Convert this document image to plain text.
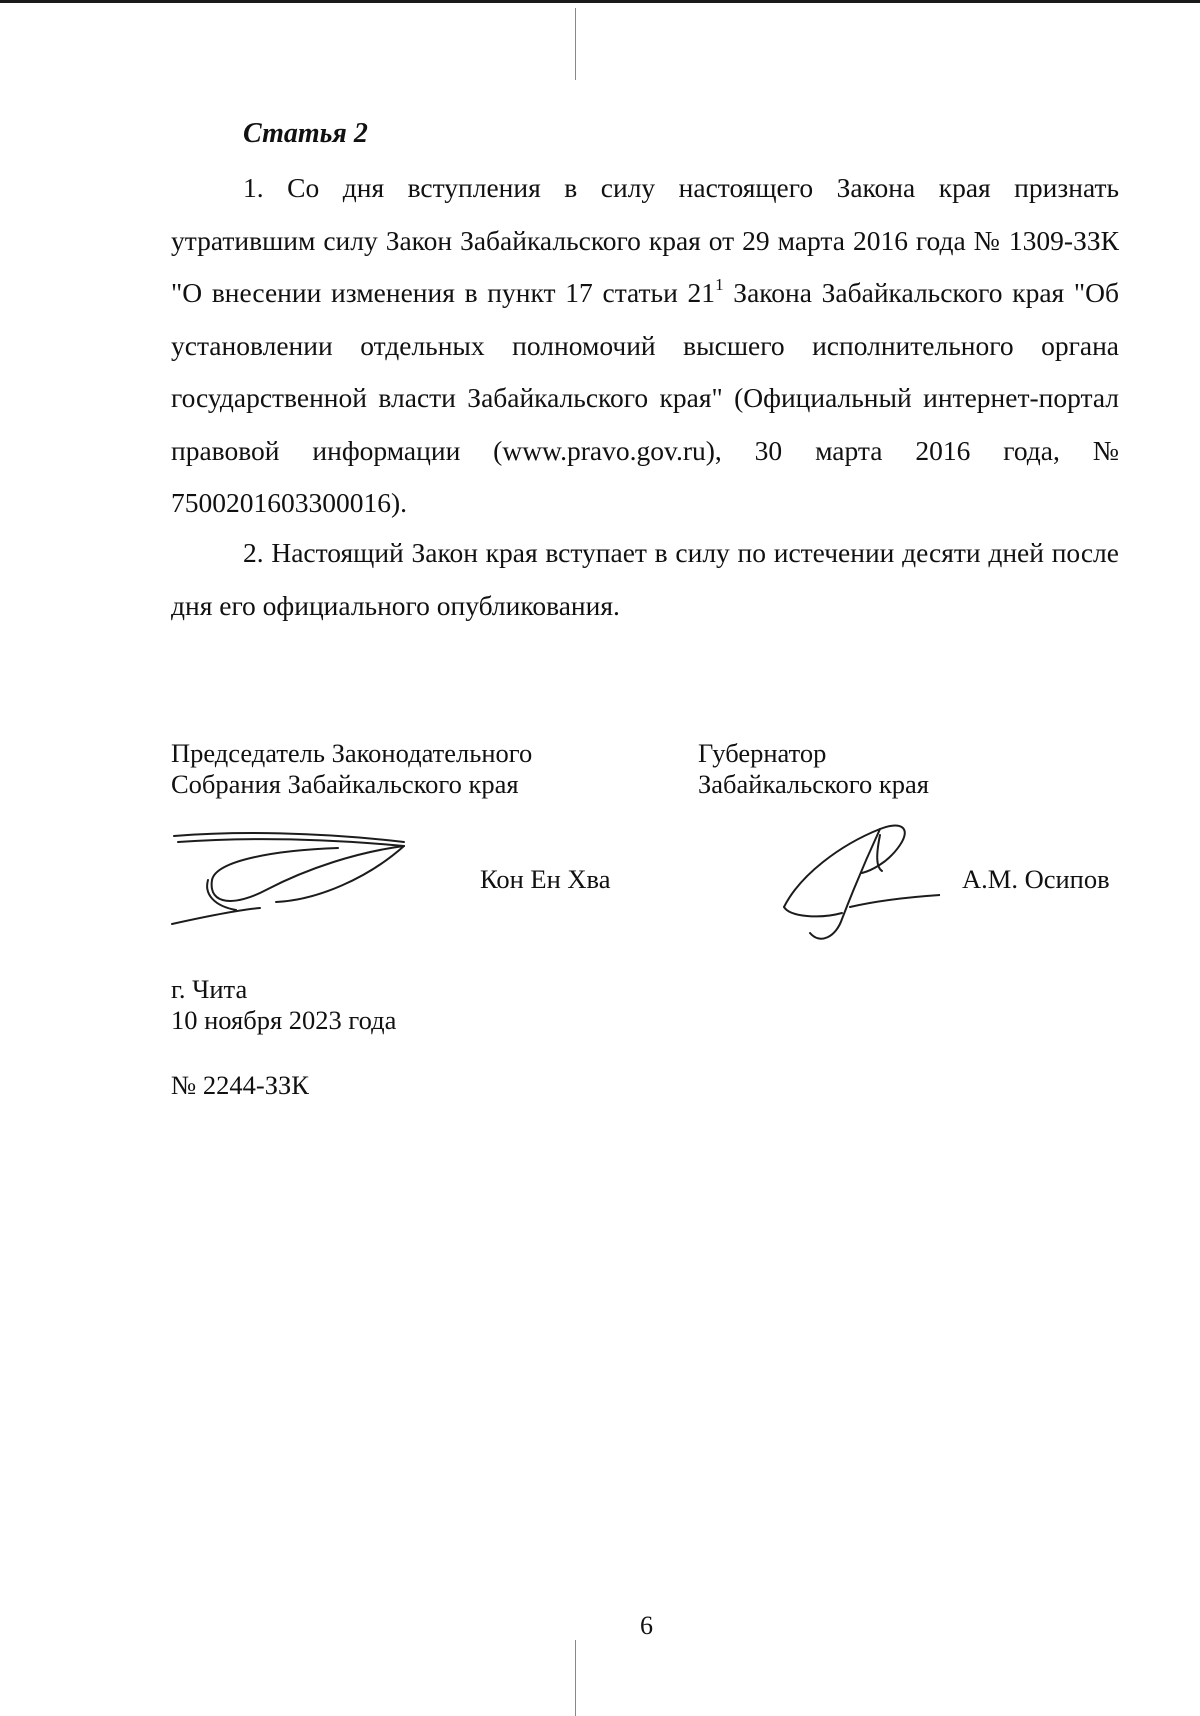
Статья 2
1. Со дня вступления в силу настоящего Закона края признать утратившим силу Закон Забайкальского края от 29 марта 2016 года № 1309-ЗЗК "О внесении изменения в пункт 17 статьи $21^1$ Закона Забайкальского края "Об установлении отдельных полномочий высшего исполнительного органа государственной власти Забайкальского края" (Официальный интернет-портал правовой информации (www.pravo.gov.ru), 30 марта 2016 года, № 7500201603300016).
2. Настоящий Закон края вступает в силу по истечении десяти дней после дня его официального опубликования.
Председатель Законодательного
Собрания Забайкальского края
Губернатор
Забайкальского края
Кон Ен Хва	А.М. Осипов
г. Чита
10 ноября 2023 года
№ 2244-ЗЗК
6
